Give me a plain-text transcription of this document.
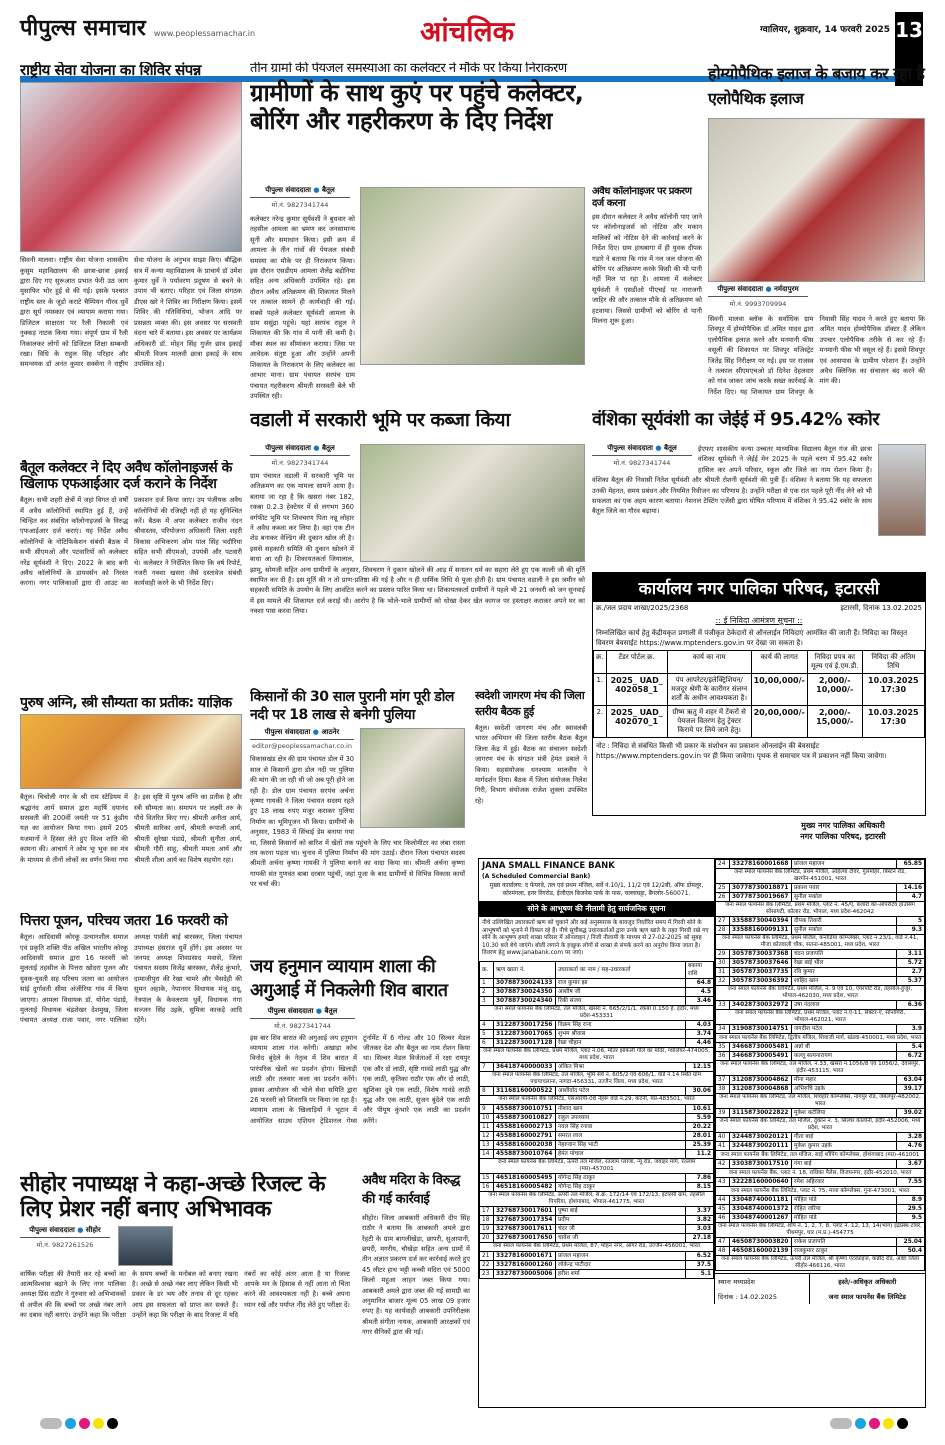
पीपुल्स समाचार www.peoplessamachar.in	आंचलिक	ग्वालियर, शुक्रवार, 14 फरवरी 2025 13
राष्ट्रीय सेवा योजना का शिविर संपन्न
सिवनी मालवा। राष्ट्रीय सेवा योजना शासकीय कुसुम महाविद्यालय की छात्रा-छात्रा इकाई द्वारा दिए गए सुरूआत प्रभात फेरी उठ जाग मुसाफिर भोर हुई से की गई। इसके पश्चात राष्ट्रीय स्तर के जूडो कराटे चैम्पियन गौरव धुर्वे द्वारा सूर्य नमस्कार एवं व्यायाम कराया गया। डिजिटल साक्षरता पर रैली निकाली एवं नुक्कड़ नाटक किया गया। संपूर्ण ग्राम में रैली निकालकर लोगों को डिजिटल शिक्षा सम्बन्धी रखा। विधि के राहुल सिंह परिहार और समन्वयक डॉ अनंत कुमार सक्सेना ने राष्ट्रीय सेवा योजना के अनुभव साझा किए। बौद्धिक सत्र में कन्या महाविद्यालय के प्राचार्य डॉ उमेश कुमार धुर्वे ने पर्यावरण प्रदूषण से बचने के उपाय भी बताए। परिहार एवं जिला संगठक डीएस खरे ने शिविर का निरीक्षण किया। इसमें शिविर की गतिविधियां, भोजन आदि पर प्रसन्नता व्यक्त की। इस अवसर पर सरस्वती वंदना चारे में बताया। इस अवसर पर कार्यक्रम अधिकारी डॉ. मोहन सिंह गुर्जर छात्र इकाई श्रीमती विजय मालवी छात्रा इकाई के साथ उपस्थित रहे।
बैतूल कलेक्टर ने दिए अवैध कॉलोनाइजर्स के खिलाफ एफआईआर दर्ज कराने के निर्देश
बैतूल। सभी शहरी क्षेत्रों में जहां विगत दो वर्षों में अवैध कॉलोनियों स्थापित हुई हैं, उन्हें चिन्हित कर संबंधित कॉलोनाइजर्स के विरुद्ध एफआईआर दर्ज कराएं। यह निर्देश अवैध कॉलोनियों के नोटिफिकेशन संबंधी बैठक में सभी सीएमओ और पटवारियों को कलेक्टर नरेंद्र सूर्यवंशी ने दिए। 2022 के बाद बनी अवैध कॉलोनियों के डायवर्सन को निरस्त करना। नगर पालिकाओं द्वारा दी आउट का प्रकाशन दर्ज किया जाए। उप पंजीयक अवैध कॉलोनियों की रजिस्ट्री नहीं हो यह सुनिश्चित करें। बैठक में अपर कलेक्टर राजीव नंदन श्रीवास्तव, परियोजना अधिकारी जिला शहरी विकास अभिकरण ओम पाल सिंह भदौरिया सहित सभी सीएमओ, उपयंत्री और पटवारी थे। कलेक्टर ने निर्देशित किया कि वर्ष रिपोर्ट, नजरी नक्शा खसरा जैसे दस्तावेज संबंधी कार्यवाही करने के भी निर्देश दिए।
पुरुष अग्नि, स्त्री सौम्यता का प्रतीक: याज्ञिक
बैतूल। चिचोली नगर के श्री राम स्टेडियम में श्रद्धानंद आर्य समाज द्वारा महर्षि दयानंद सरस्वती की 200वीं जयंती पर 51 कुंडीय यज्ञ का आयोजन किया गया। इसमें 205 यजमानों ने हिस्सा लेते हुए विश्व शांति की कामना की। आचार्य ने ओम भूः भुवः स्वः मंत्र के माध्यम से तीनों लोकों का वर्णन किया गया है। इस सृष्टि में पुरुष अग्नि का प्रतीक है और स्त्री सौम्यता का। समापन पर लक्ष्मी तरु के पौधे वितरित किए गए। श्रीमती अनीता आर्य, श्रीमती सारिका आर्य, श्रीमती रूपाली आर्य, श्रीमती सुरेखा पंडाग्रे, श्रीमती सुनीता आर्य, श्रीमती गौरी साहू, श्रीमती ममता आर्य और श्रीमती शीला आर्य का विशेष सहयोग रहा।
पित्तरा पूजन, परिचय जतरा 16 फरवरी को
बैतूल। आदिवासी कोरकू उत्थानशील समाज एवं प्रकृति शक्ति पीठ अखिल भारतीय कोरकू आदिवासी समाज द्वारा 16 फरवरी को मुलताई तहसील के पित्तरा खोदरा पूजन और युवक-युवती सह परिचय जतरा का आयोजन सांई दुर्गावती सीमा अंजीरिया गांव में किया जाएगा। आमला विधायक डॉ. योगेश पंडाग्रे, मुलताई विधायक चंद्रशेखर देशमुख, जिला पंचायत अध्यक्ष राजा पवार, नगर पालिका अध्यक्ष पार्वती बाई बारस्कर, जिला पंचायत उपाध्यक्ष हंसराज धुर्वे होंगे। इस अवसर पर जनपद अध्यक्ष शिवप्रसाद मवासे, जिला पंचायत सदस्य विजेंद्र बारस्कर, शैलेंद्र कुंभारे, दामाजीपुरा की रेखा चामरे और भैसदेही की सुमन अहाके, नेपानगर विधायक मंजू दादू, नेत्रपाल के केवलराम धुर्वे, विधायक गंगा सज्जन सिंह उइके, सुमित्रा काकड़े आदि रहेंगे।
सीहोर नपाध्यक्ष ने कहा-अच्छे रिजल्ट के लिए प्रेशर नहीं बनाए अभिभावक
पीपुल्स संवाददाता ● सीहोर
मो.नं. 9827261526
वार्षिक परीक्षा की तैयारी कर रहे बच्चों का आत्मविश्वास बढ़ाने के लिए नगर पालिका अध्यक्ष प्रिंस राठौर ने गुरुवार को अभिभावकों से अपील की कि बच्चों पर अच्छे नंबर लाने का दबाव नहीं बनाएं। उन्होंने कहा कि परीक्षा के समय बच्चों के मनोबल को बनाए रखना है। अच्छे से अच्छे नंबर लाए लेकिन किसी भी प्रकार के डर भय और तनाव से दूर रहकर आप इस सफलता को प्राप्त कर सकते हैं। उन्होंने कहा कि परीक्षा के बाद रिजल्ट में यदि नंबरों का कोई अंतर आता है या रिजल्ट आपके मन के हिसाब से नहीं आता तो चिंता करने की आवश्यकता नहीं है। बच्चे अपना ध्यान रखें और पर्याप्त नींद लेते हुए परीक्षा दें।
तीन ग्रामों की पेयजल समस्याआ का कलेक्टर ने मौके पर किया निराकरण
ग्रामीणों के साथ कुएं पर पहुंचे कलेक्टर, बोरिंग और गहरीकरण के दिए निर्देश
पीपुल्स संवाददाता ● बैतूल
मो.नं. 9827341744
कलेक्टर नरेन्द्र कुमार सूर्यवंशी ने बुधवार को तहसील आमला का भ्रमण कर जनसामान्य सुनी और समाधान किया। इसी क्रम में आमला के तीन गांवों की पेयजल संबंधी समस्या का मौके पर ही निराकरण किया। इस दौरान एसडीएम आमला शैलेंद्र बडोनिया सहित अन्य अधिकारी उपस्थित रहे। इस दौरान अवैध अतिक्रमण की शिकायत मिलने पर तत्काल सामने ही कार्यवाही की गई। सबसे पहले कलेक्टर सूर्यवंशी आमला के ग्राम ससुंद्रा पहुंचे। यहां सरपंच राहुल ने शिकायत की कि गांव में पानी की कमी है। मौका स्थल का सीमांकन कराया। जिस पर आवेदक संतुष्ट हुआ और उन्होंने अपनी शिकायत के निराकरण के लिए कलेक्टर का आभार माना। ग्राम पंचायत सरपंच ग्राम पंचायत गहरीकरण श्रीमती सरस्वती बेले भी उपस्थित रही।
अवैध कॉलोनाइजर पर प्रकरण दर्ज करना
इस दौरान कलेक्टर ने अवैध कॉलोनी पाए जाने पर कॉलोनाइजर्स को नोटिस और मकान मालिकों को नोटिस देने की कार्रवाई करने के निर्देश दिए। ग्राम हाथबागा में ही युवक दीपक गडारे ने बताया कि गांव में नल जल योजना की बोरिंग पर अतिक्रमण करके किसी की भी पानी नहीं मिल पा रहा है। आमला में कलेक्टर सूर्यवंशी ने एसडीओ पीएचई पर नाराजगी जाहिर की और तत्काल मौके से अतिक्रमण को हटवाया। जिससे ग्रामीणों को बोरिंग से पानी मिलना शुरू हुआ।
होम्योपैथिक इलाज के बजाय कर रहा है एलोपैथिक इलाज
पीपुल्स संवाददाता ● नर्मदापुरम
मो.नं. 9993709994
सिवनी मालवा ब्लॉक के सर्वाधिक ग्राम शिवपुर में होम्योपैथिक डॉ अमित यादव द्वारा एलोपैथिक इलाज करने और मनमानी फीस वसूली की शिकायत पर शिवपुर मजिस्ट्रेट जितेंद्र सिंह निरीक्षण पर गई। इस पर राजस्व ने तत्काल सीएमएचओ डॉ दिनेश देहलवार को गांव जाकर जांच करके सख्त कार्रवाई के निर्देश दिए। यह शिकायत ग्राम शिवपुर के निवासी सिंह यादव ने करते हुए बताया कि अमित यादव होम्योपैथिक डॉक्टर हैं लेकिन उपचार एलोपैथिक तरीके से कर रहे हैं। मनमानी फीस भी वसूल रहे हैं। इससे शिवपुर एवं आसपास के ग्रामीण परेशान हैं। उन्होंने अवैध क्लिनिक का संचालन बंद करने की मांग की।
वडाली में सरकारी भूमि पर कब्जा किया
पीपुल्स संवाददाता ● बैतूल
मो.नं. 9827341744
ग्राम पंचायत वडाली में सरकारी भूमि पर अतिक्रमण का एक मामला सामने आया है। बताया जा रहा है कि खसरा नंबर 182, रकबा 0.2.3 हेक्टेयर में से लगभग 360 वर्गफीट भूमि पर शिवचरण पिता नन्नू लोहार ने अवैध कब्जा कर लिया है। वहां एक टीन शेड बनाकर वेल्डिंग की दुकान खोल ली है। इससे सहकारी समिति की दुकान खोलने में बाधा आ रही है। शिकायतकर्ता जियालाल, झामू, सोमजी सहित अन्य ग्रामीणों के अनुसार, शिवचरण ने दुकान खोलने की आड़ में सनातन धर्म का सहारा लेते हुए एक काली जी की मूर्ति स्थापित कर दी है। इस मूर्ति की न तो प्राण-प्रतिष्ठा की गई है और न ही धार्मिक विधि से पूजा होती है। ग्राम पंचायत वडाली ने इस जमीन को सहकारी समिति के उपयोग के लिए आवंटित करने का प्रस्ताव पारित किया था। शिकायतकर्ता ग्रामीणों ने पहले भी 21 जनवरी को जन सुनवाई में इस मामले की शिकायत दर्ज कराई थी। आरोप है कि भोले-भाले ग्रामीणों को धोखा देकर खेत कागज पर हस्ताक्षर कराकर अपने घर का नक्शा पास करवा लिया।
वंशिका सूर्यवंशी का जेईई में 95.42% स्कोर
पीपुल्स संवाददाता ● बैतूल
मो.नं. 9827341744
ईएफए शासकीय कन्या उच्चतर माध्यमिक विद्यालय बैतूल गंज की छात्रा वंशिका सूर्यवंशी ने जेईई मेन 2025 के पहले चरण में 95.42 स्कोर हासिल कर अपने परिवार, स्कूल और जिले का नाम रोशन किया है। वंशिका बैतूल की निवासी नितेश सूर्यवंशी और श्रीमती रोशनी सूर्यवंशी की पुत्री हैं। वंशिका ने बताया कि यह सफलता उनकी मेहनत, समय प्रबंधन और नियमित रिवीजन का परिणाम है। उन्होंने परीक्षा से एक रात पहले पूरी नींद लेने को भी सफलता का एक अहम कारण बताया। नेशनल टेस्टिंग एजेंसी द्वारा घोषित परिणाम में वंशिका ने 95.42 स्कोर के साथ बैतूल जिले का गौरव बढ़ाया।
कार्यालय नगर पालिका परिषद, इटारसी
क्र./जल प्रदाय शाखा/2025/2368	इटारसी, दिनांक 13.02.2025
:: ई निविदा आमंत्रण सूचना ::
निम्नलिखित कार्य हेतु केंद्रीयकृत प्रणाली में पंजीकृत ठेकेदारों से ऑनलाईन निविदाएं आमंत्रित की जाती हैं। निविदा का विस्तृत विवरण बेवसाईट https://www.mptenders.gov.in पर देखा जा सकता है।
क्र.	टेंडर पोर्टल क्र.	कार्य का नाम	कार्य की लागत	निविदा प्रपत्र का मूल्य एवं ई.एम.डी.	निविदा की अंतिम तिथि
1.	2025_ UAD_ 402058_1	पंप आपरेटर/इलेक्ट्रिशियन/मजदूर श्रेणी के कारीगर संलग्न शर्तों के अधीन आवश्यकता है।	10,00,000/-	2,000/- 10,000/-	10.03.2025 17:30
2.	2025_ UAD_ 402070_1	ग्रीष्म ऋतु में शहर में टेंकरों से पेयजल वितरण हेतु ट्रेक्टर किराये पर लिये जाने हेतु।	20,00,000/-	2,000/- 15,000/-	10.03.2025 17:30
नोट : निविदा से संबंधित किसी भी प्रकार के संशोधन का प्रकाशन ऑनलाईन की बेवसाईट https://www.mptenders.gov.in पर ही किया जावेगा। पृथक से समाचार पत्र में प्रकाशन नहीं किया जावेगा।
मुख्य नगर पालिका अधिकारी
नगर पालिका परिषद, इटारसी
किसानों की 30 साल पुरानी मांग पूरी डोल नदी पर 18 लाख से बनेगी पुलिया
पीपुल्स संवाददाता ● आठनेर
editor@peoplessamachar.co.in
विकासखंड क्षेत्र की ग्राम पंचायत डोल में 30 साल से किसानों द्वारा डोल नदी पर पुलिया की मांग की जा रही थी जो अब पूरी होने जा रही है। डोल ग्राम पंचायत सरपंच अर्चना कृष्णा गायकी ने जिला पंचायत सदस्य रहते हुए 18 लाख रुपए मंजूर कराकर पुलिया निर्माण का भूमिपूजन भी किया। ग्रामीणों के अनुसार, 1983 में सिंचाई डेम बनाया गया था, जिससे किसानों को बारिश में खेतों तक पहुंचने के लिए चार किलोमीटर का लंबा रास्ता तय करना पड़ता था। चुनाव में पुलिया निर्माण की मांग उठाई। दौरान जिला पंचायत सदस्य श्रीमती अर्चना कृष्णा गायकी ने पुलिया बनाने का वादा किया था। श्रीमती अर्चना कृष्णा गायकी संत गुणवंत बाबा दरबार पहुंचीं, जहां पूजा के बाद ग्रामीणों से विभिन्न विकास कार्यों पर चर्चा की।
स्वदेशी जागरण मंच की जिला स्तरीय बैठक हुई
बैतूल। स्वदेशी जागरण मंच और स्वावलंबी भारत अभियान की जिला स्तरीय बैठक बैतूल जिला केंद्र में हुई। बैठक का संचालन स्वदेशी जागरण मंच के संगठन मंत्री हेमंत डबाले ने किया। सहसंयोजक धनश्याम मालवीय ने मार्गदर्शन दिया। बैठक में जिला संयोजक निलेश गिरी, विभाग संयोजक राजेश शुक्ला उपस्थित रहे।
जय हनुमान व्यायाम शाला की अगुआई में निकलेगी शिव बारात
पीपुल्स संवाददाता ● बैतूल
मो.नं. 9827341744
इस बार शिव बारात की अगुआई जय हनुमान व्यायाम शाला गंज करेगी। अखाड़ा कोच विनोद बुंदेले के नेतृत्व में शिव बारात में पारंपरिक खेलों का प्रदर्शन होगा। खिलाड़ी लाठी और तलवार कला का प्रदर्शन करेंगे। इसका आयोजन श्री भोले सेवा समिति द्वारा 26 फरवरी को शिवरात्रि पर किया जा रहा है। व्यायाम शाला के खिलाड़ियों ने भूटान में आयोजित साउथ एशियन ट्रेडिशनल गेम्स टूर्नामेंट में 6 गोल्ड और 10 सिल्वर मेडल जीतकर देश और बैतूल का नाम रोशन किया था। सिल्वर मेडल विजेताओं में रक्षा रायपुर एक और दो लाठी, सृष्टि गावंडे लाठी युद्ध और एक लाठी, कृतिका राठौर एक और दो लाठी, खुशिका दुबे एक लाठी, विशेष गावंडे लाठी युद्ध और एक लाठी, सुजन बुंदेले एक लाठी और पीयूष कुंभारे एक लाठी का प्रदर्शन करेंगे।
अवैध मदिरा के विरुद्ध की गई कार्रवाई
सीहोर। जिला आबकारी अधिकारी दीप सिंह राठौर ने बताया कि आबकारी अमले द्वारा रेहटी के ग्राम बागलीखेड़ा, छापरी, सुआपानी, छपरी, मगरीय, चौखेड़ा सहित अन्य ग्रामों में तीन अज्ञात प्रकरण दर्ज कर कार्रवाई करते हुए 45 लीटर हाथ भट्टी कच्ची मदिरा एवं 5000 किलो महुआ लाहन जब्त किया गया। आबकारी अमले द्वारा जब्त की गई सामग्री का अनुमानित बाजार मूल्य 05 लाख 09 हजार रुपए है। यह कार्यवाही आबकारी उपनिरीक्षक श्रीमती संगीता नायक, आबकारी आरक्षकों एवं नगर सैनिकों द्वारा की गई।
JANA SMALL FINANCE BANK
(A Scheduled Commercial Bank)
मुख्य कार्यालय: द फेयरवे, तल एवं प्रथम मंजिल, सर्वे नं.10/1, 11/2 एवं 12/2बी, ऑफ डोमलूर, कोरमंगला, इनर रिंगरोड, ईजीएल बिजनेस पार्क के पास, चल्लाघट्टा, बैंगलोर-560071.
सोने के आभूषण की नीलामी हेतु सार्वजनिक सूचना
नीचे उल्लिखित उधारकर्ता ऋण को चुकाने और कई अनुस्मारक के बावजूद निर्धारित समय में गिरवी सोने के आभूषणों को भुनाने में विफल रहे हैं। नीचे सूचीबद्ध उधारकर्ताओं द्वारा उनके ऋण खाते के तहत गिरवी रखे गए सोने के आभूषण हमारे शाखा परिसर में ऑनलाइन / निजी नीलामी के माध्यम से 27-02-2025 को सुबह 10.30 बजे बेचे जाएंगे। बोली लगाने के इच्छुक लोगों से शाखा से संपर्क करने का अनुरोध किया जाता है। विवरण हेतु www.janabank.com पर जाएं।
क्र.	ऋण खाता नं.	उधारकर्ता का नाम / सह-उधारकर्ता	बकाया राशि
1	30788730024133	राज कुमार झा	64.8
2	30788730024350	आशीष जी	4.5
3	30788730024340	रिंकी संजय	3.46
जना स्माल फायनेंस बैंक लिमिटेड, तल मंजिल, खसरा नं. 665/2/1/1, रकबा 0.150 हे. इंदौर, मध्य प्रदेश-453331			
4	31228730017256	विक्रम सिंह राना	4.03
5	31228730017065	शुभम श्रीवास	3.74
6	31228730017128	रेखा चौहान	4.46
जना स्माल फायनेंस बैंक लिमिटेड, प्रथम मंजिल, प्लाट नं.06, मोतर झाकली गोले का मंदिर, ग्वालियर-474005, मध्य प्रदेश, भारत			
7	36418740000033	अंकित मिश्रा	12.15
जना स्माल फायनेंस बैंक लिमिटेड, तल मंजिल, भूमि सर्वे नं. 605/2 एवं 606/1, वार्ड नं.14 स्थित ग्राम पद्मपाचलाना, नागदा-456331, उज्जैन जिला, मध्य प्रदेश, भारत			
8	31168160000522	आशीर्वाद पटेल	30.06
जना स्माल फायनेंस बैंक लिमिटेड, एसआरपी-08 नेहरू वार्ड नं.29, कटनी, मप्र-483501, भारत			
9	45588730010751	नौशाद खान	10.61
10	45588730010827	राहुल उपाध्याय	5.59
11	45588160002713	नवल सिंह रनावा	20.22
12	45588160002791	समरत लाल	28.01
13	45588160002038	नेहरुवान सिंह भाटी	25.39
14	45588730010764	हेमंत पांचाल	11.2
जना स्माल फायनेंस बैंक लिमिटेड, ऊपरी तल मंजिल, रतलाम प्लाजा, न्यू रोड, जवाहर मार्ग, रतलाम (मप्र)-457001			
15	46518160005495	योगेन्द्र सिंह ठाकुर	7.86
16	46518160005482	योगेन्द्र सिंह ठाकुर	8.15
जना स्माल फायनेंस बैंक लिमिटेड, ऊपरी तल मंजिल, स.क्र. 172/14 एवं 172/13, इटारसी ग्राम, तहसील पिपरिया, होशंगाबाद, भोपाल-461775, भारत			
17	32768730017601	पुष्पा बाई	3.37
18	32768730017354	प्रदीप	3.82
19	32768730017611	चंदर जी	3.03
20	32768730017650	चावेश जी	27.18
जना स्माल फायनेंस बैंक लिमिटेड, प्रथम मंजिल, 87, मोहन नगर, आगर रोड, उज्जैन-456001, भारत			
21	33278160001671	प्रांजल महाजन	6.52
22	33278160001260	लोकेन्द्र पाटीदार	37.5
23	33278730005006	हरीश शर्मा	5.1
24	33278160001668	प्रांजल महाजन	65.85
जना स्माल फायनेंस बैंक लिमिटेड, प्रथम मंजिल, अहिल्या टॉवर, गुलमोहर, बिस्टन रोड, खरगोन-451001, भारत			
25	30778730018871	प्रकाश पवार	14.16
26	30778730019667	सुनील मकोल	4.7
जना स्माल फायनेंस बैंक लिमिटेड, प्रथम मंजिल, प्लाट नं. 45/ए, बंजारी को-ऑपरेटिव हाउसिंग सोसायटी, कोलार रोड, भोपाल, मध्य प्रदेश-462042			
27	33588730040394	दीपक तिवारी	5
28	33588160009131	सुनील मकोल	9.3
जना स्माल फायनेंस बैंक लिमिटेड, प्रथम मंजिल, कनोडिया कॉम्प्लेक्स, प्लाट नं.23/1, वार्ड नं.41, मौजा कोतवाली चौक, सतना-485001, मध्य प्रदेश, भारत			
29	30578730037368	चंदन प्रजापति	3.11
30	30578730037646	रेखा बाई भील	5.72
31	30578730037735	रवि कुमार	2.7
32	30578730036392	शाहिद खान	5.37
जना स्माल फायनेंस बैंक लिमिटेड, प्रथम मंजिल, नं. 9 एवं 10, एयरपोर्ट रोड, तहसील-हुजूर, भोपाल-462030, मध्य प्रदेश, भारत			
33	34028730032972	उषा नंदलाल	6.36
जना स्माल फायनेंस बैंक लिमिटेड, प्रथम मंजिल, प्लाट नं.ए-11, सेक्टर-ए, सोनागिरी, भोपाल-462021, भारत			
34	31908730014751	जगदीश पटेल	3.9
जना स्माल फायनेंस बैंक लिमिटेड, द्वितीय मंजिल, शिवाजी मार्ग, खंडवा-450001, मध्य प्रदेश, भारत			
35	34668730005481	अन्नो बी	5.4
36	34668730005491	कल्लू सत्यनारायण	6.72
जना स्माल फायनेंस बैंक लिमिटेड, तल मंजिल, नं.33, खसरा नं.1056/8 एवं 1056/2, देवासपुर, इंदौर-453115, भारत			
37	31208730004862	मीना महार	63.04
38	31208730004868	अभिरुचि उइके	39.17
जना स्माल फायनेंस बैंक लिमिटेड, तल मंजिल, शिवहरि कॉम्प्लेक्स, नागपुर रोड, जबलपुर-482002, भारत			
39	31158730022822	मुकेश कटेलिया	39.02
जना स्माल फायनेंस बैंक लिमिटेड, तल मंजिल, दुकान नं. 3, सिल्वर कॉलोनी, इंदौर-452006, मध्य प्रदेश, भारत			
40	32448730020121	गीता बाई	3.28
41	32448730020111	मुकेश कुमार उइके	4.76
जना स्माल फायनेंस बैंक लिमिटेड, तल मंजिल, साईं शॉपिंग कॉम्प्लेक्स, होशंगाबाद (मप्र)-461001			
42	33038730017510	गंगा बाई	3.67
जना स्माल फायनेंस बैंक, प्लाट नं. 18, राधिका पैलेस, विजयनगर, इंदौर-452010, भारत			
43	32228160000640	रमेश अहिरवार	7.55
जना स्माल फायनेंस बैंक लिमिटेड, प्लाट नं. 75, माया कॉम्प्लेक्स, गुना-473001, भारत			
44	33048740001181	मोहित पांडे	8.9
45	33048740001372	रोहित जरिया	29.5
46	33048740001267	मोहित पांडे	9.5
जना स्माल फायनेंस बैंक लिमिटेड, शॉप नं. 1, 2, 7, 8, प्लाट नं. 12, 13, 14(भाग) इंद्रप्रस्थ टॉवर, पीथमपुर, धार (म.प्र.)-454775			
47	46508730003820	राकेश प्रजापति	25.04
48	46508160002139	राजकुमार ठाकुर	50.4
जना स्माल फायनेंस बैंक लिमिटेड, ऊपरी तल मंजिल, श्री कृष्णा एंटरप्राइज, कन्नौद रोड, आष्टा जिला सीहोर-466116, भारत			
स्थानः मध्यप्रदेश
दिनांक : 14.02.2025
हस्ते/-अधिकृत अधिकारी
जना स्माल फायनेंस बैंक लिमिटेड
